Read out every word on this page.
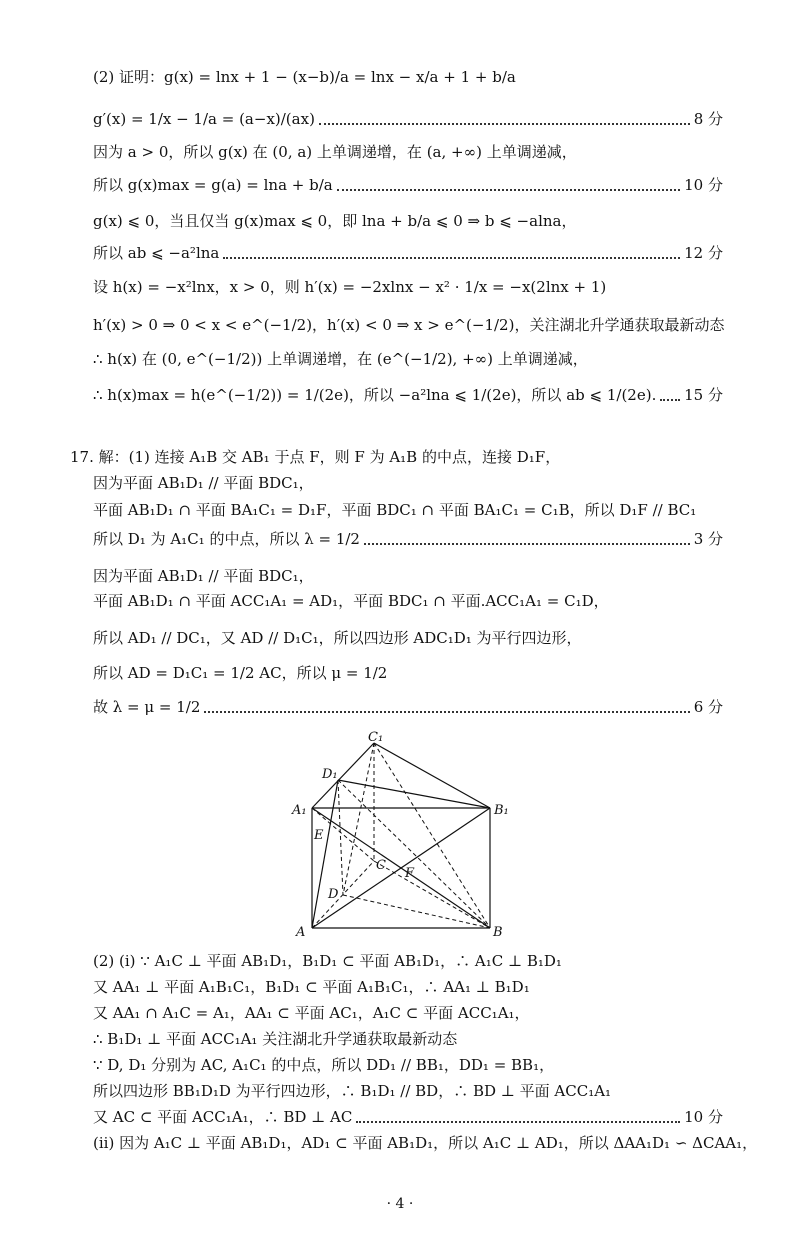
(2) 证明：g(x) = lnx + 1 − (x−b)/a = lnx − x/a + 1 + b/a
g′(x) = 1/x − 1/a = (a−x)/(ax)	8 分
因为 a > 0，所以 g(x) 在 (0, a) 上单调递增，在 (a, +∞) 上单调递减，
所以 g(x)max = g(a) = lna + b/a	10 分
g(x) ⩽ 0，当且仅当 g(x)max ⩽ 0，即 lna + b/a ⩽ 0 ⇒ b ⩽ −alna，
所以 ab ⩽ −a²lna	12 分
设 h(x) = −x²lnx，x > 0，则 h′(x) = −2xlnx − x² · 1/x = −x(2lnx + 1)
h′(x) > 0 ⇒ 0 < x < e^(−1/2)，h′(x) < 0 ⇒ x > e^(−1/2)，关注湖北升学通获取最新动态
∴ h(x) 在 (0, e^(−1/2)) 上单调递增，在 (e^(−1/2), +∞) 上单调递减，
∴ h(x)max = h(e^(−1/2)) = 1/(2e)，所以 −a²lna ⩽ 1/(2e)，所以 ab ⩽ 1/(2e). 15 分
17. 解：(1) 连接 A₁B 交 AB₁ 于点 F，则 F 为 A₁B 的中点，连接 D₁F，
因为平面 AB₁D₁ // 平面 BDC₁，
平面 AB₁D₁ ∩ 平面 BA₁C₁ = D₁F，平面 BDC₁ ∩ 平面 BA₁C₁ = C₁B，所以 D₁F // BC₁
所以 D₁ 为 A₁C₁ 的中点，所以 λ = 1/2	3 分
因为平面 AB₁D₁ // 平面 BDC₁，
平面 AB₁D₁ ∩ 平面 ACC₁A₁ = AD₁，平面 BDC₁ ∩ 平面.ACC₁A₁ = C₁D，
所以 AD₁ // DC₁，又 AD // D₁C₁，所以四边形 ADC₁D₁ 为平行四边形，
所以 AD = D₁C₁ = 1/2 AC，所以 μ = 1/2
故 λ = μ = 1/2	6 分
C₁
D₁
A₁	B₁
E
C
F
D
A	B
(2) (i) ∵ A₁C ⊥ 平面 AB₁D₁，B₁D₁ ⊂ 平面 AB₁D₁，∴ A₁C ⊥ B₁D₁
又 AA₁ ⊥ 平面 A₁B₁C₁，B₁D₁ ⊂ 平面 A₁B₁C₁，∴ AA₁ ⊥ B₁D₁
又 AA₁ ∩ A₁C = A₁，AA₁ ⊂ 平面 AC₁，A₁C ⊂ 平面 ACC₁A₁，
∴ B₁D₁ ⊥ 平面 ACC₁A₁ 关注湖北升学通获取最新动态
∵ D, D₁ 分别为 AC, A₁C₁ 的中点，所以 DD₁ // BB₁，DD₁ = BB₁，
所以四边形 BB₁D₁D 为平行四边形，∴ B₁D₁ // BD，∴ BD ⊥ 平面 ACC₁A₁
又 AC ⊂ 平面 ACC₁A₁，∴ BD ⊥ AC	10 分
(ii) 因为 A₁C ⊥ 平面 AB₁D₁，AD₁ ⊂ 平面 AB₁D₁，所以 A₁C ⊥ AD₁，所以 ΔAA₁D₁ ∽ ΔCAA₁，
· 4 ·
